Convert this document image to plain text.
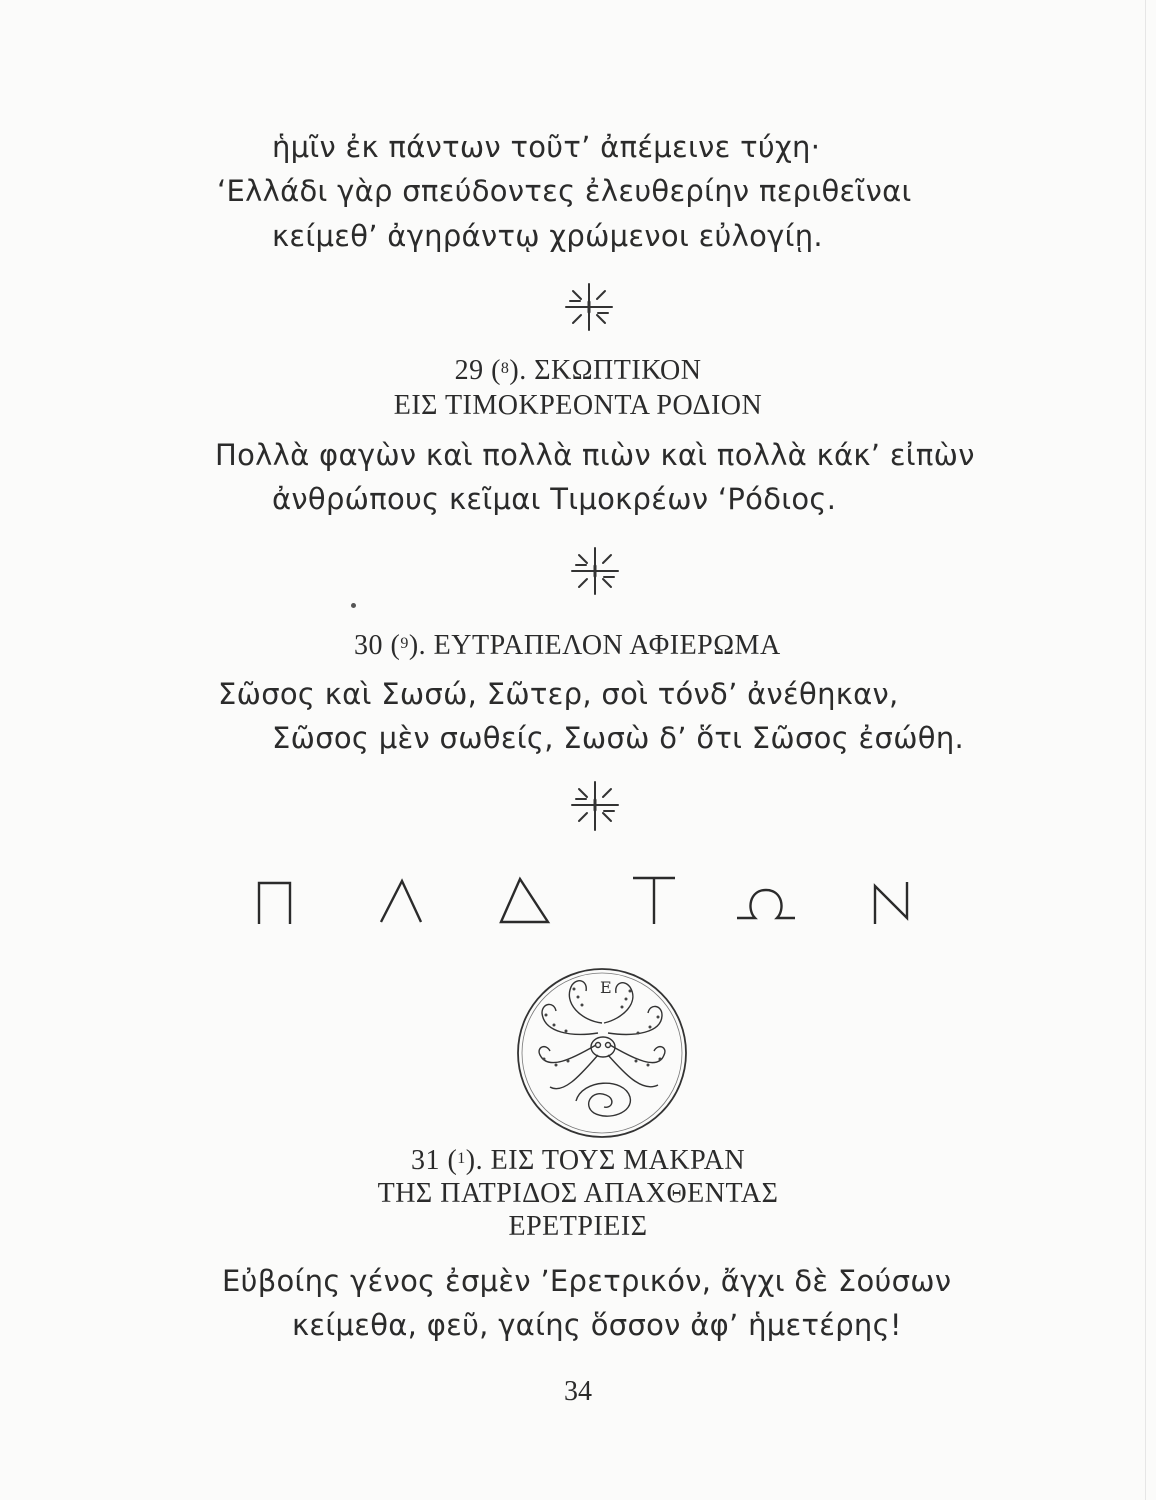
ἡμῖν ἐκ πάντων τοῦτ’ ἀπέμεινε τύχη·
‘Ελλάδι γὰρ σπεύδοντες ἐλευθερίην περιθεῖναι
κείμεθ’ ἀγηράντῳ χρώμενοι εὐλογίῃ.
29 ($^8$). ΣΚΩΠΤΙΚΟΝ
ΕΙΣ ΤΙΜΟΚΡΕΟΝΤΑ ΡΟΔΙΟΝ
Πολλὰ φαγὼν καὶ πολλὰ πιὼν καὶ πολλὰ κάκ’ εἰπὼν
ἀνθρώπους κεῖμαι Τιμοκρέων ‘Ρόδιος.
30 ($^9$). ΕΥΤΡΑΠΕΛΟΝ ΑΦΙΕΡΩΜΑ
Σῶσος καὶ Σωσώ, Σῶτερ, σοὶ τόνδ’ ἀνέθηκαν,
Σῶσος μὲν σωθείς, Σωσὼ δ’ ὅτι Σῶσος ἐσώθη.
Ε
31 ($^1$). ΕΙΣ ΤΟΥΣ ΜΑΚΡΑΝ
ΤΗΣ ΠΑΤΡΙΔΟΣ ΑΠΑΧΘΕΝΤΑΣ
ΕΡΕΤΡΙΕΙΣ
Εὐβοίης γένος ἐσμὲν ’Ερετρικόν, ἄγχι δὲ Σούσων
κείμεθα, φεῦ, γαίης ὅσσον ἀφ’ ἡμετέρης!
34
